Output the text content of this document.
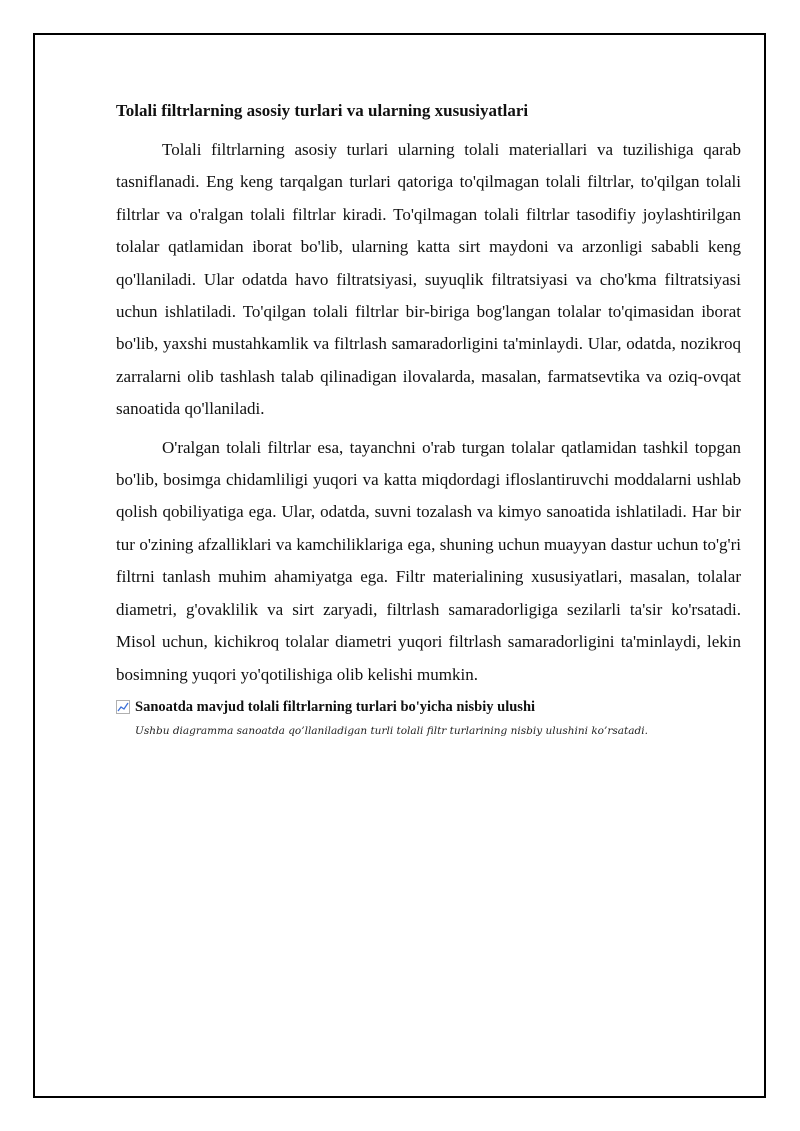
Tolali filtrlarning asosiy turlari va ularning xususiyatlari

Tolali filtrlarning asosiy turlari ularning tolali materiallari va tuzilishiga qarab tasniflanadi. Eng keng tarqalgan turlari qatoriga to'qilmagan tolali filtrlar, to'qilgan tolali filtrlar va o'ralgan tolali filtrlar kiradi. To'qilmagan tolali filtrlar tasodifiy joylashtirilgan tolalar qatlamidan iborat bo'lib, ularning katta sirt maydoni va arzonligi sababli keng qo'llaniladi. Ular odatda havo filtratsiyasi, suyuqlik filtratsiyasi va cho'kma filtratsiyasi uchun ishlatiladi. To'qilgan tolali filtrlar bir-biriga bog'langan tolalar to'qimasidan iborat bo'lib, yaxshi mustahkamlik va filtrlash samaradorligini ta'minlaydi. Ular, odatda, nozikroq zarralarni olib tashlash talab qilinadigan ilovalarda, masalan, farmatsevtika va oziq-ovqat sanoatida qo'llaniladi.

O'ralgan tolali filtrlar esa, tayanchni o'rab turgan tolalar qatlamidan tashkil topgan bo'lib, bosimga chidamliligi yuqori va katta miqdordagi ifloslantiruvchi moddalarni ushlab qolish qobiliyatiga ega. Ular, odatda, suvni tozalash va kimyo sanoatida ishlatiladi. Har bir tur o'zining afzalliklari va kamchiliklariga ega, shuning uchun muayyan dastur uchun to'g'ri filtrni tanlash muhim ahamiyatga ega. Filtr materialining xususiyatlari, masalan, tolalar diametri, g'ovaklilik va sirt zaryadi, filtrlash samaradorligiga sezilarli ta'sir ko'rsatadi. Misol uchun, kichikroq tolalar diametri yuqori filtrlash samaradorligini ta'minlaydi, lekin bosimning yuqori yo'qotilishiga olib kelishi mumkin.

Sanoatda mavjud tolali filtrlarning turlari bo'yicha nisbiy ulushi
Ushbu diagramma sanoatda qo’llaniladigan turli tolali filtr turlarining nisbiy ulushini ko’rsatadi.
